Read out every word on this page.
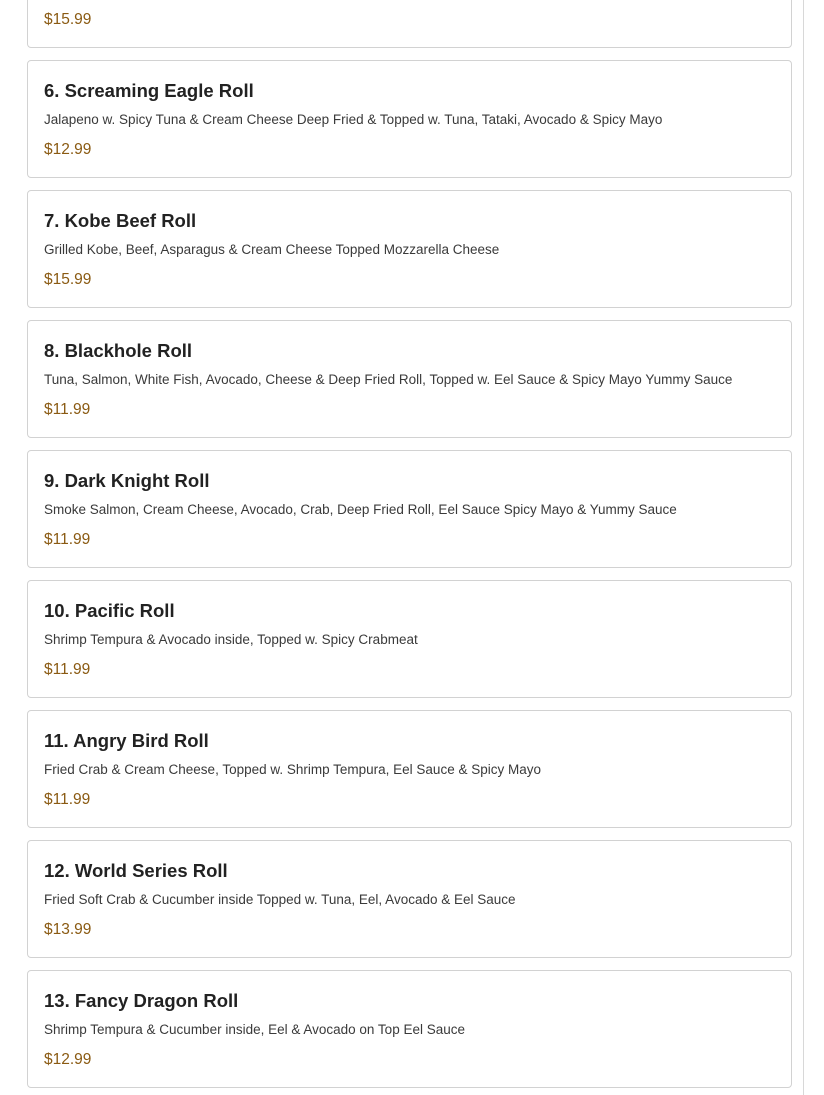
$15.99

6. Screaming Eagle Roll

Jalapeno w. Spicy Tuna & Cream Cheese Deep Fried & Topped w. Tuna, Tataki, Avocado & Spicy Mayo

$12.99

7. Kobe Beef Roll

Grilled Kobe, Beef, Asparagus & Cream Cheese Topped Mozzarella Cheese

$15.99

8. Blackhole Roll

Tuna, Salmon, White Fish, Avocado, Cheese & Deep Fried Roll, Topped w. Eel Sauce & Spicy Mayo Yummy Sauce

$11.99

9. Dark Knight Roll

Smoke Salmon, Cream Cheese, Avocado, Crab, Deep Fried Roll, Eel Sauce Spicy Mayo & Yummy Sauce

$11.99

10. Pacific Roll

Shrimp Tempura & Avocado inside, Topped w. Spicy Crabmeat

$11.99

11. Angry Bird Roll

Fried Crab & Cream Cheese, Topped w. Shrimp Tempura, Eel Sauce & Spicy Mayo

$11.99

12. World Series Roll

Fried Soft Crab & Cucumber inside Topped w. Tuna, Eel, Avocado & Eel Sauce

$13.99

13. Fancy Dragon Roll

Shrimp Tempura & Cucumber inside, Eel & Avocado on Top Eel Sauce

$12.99
